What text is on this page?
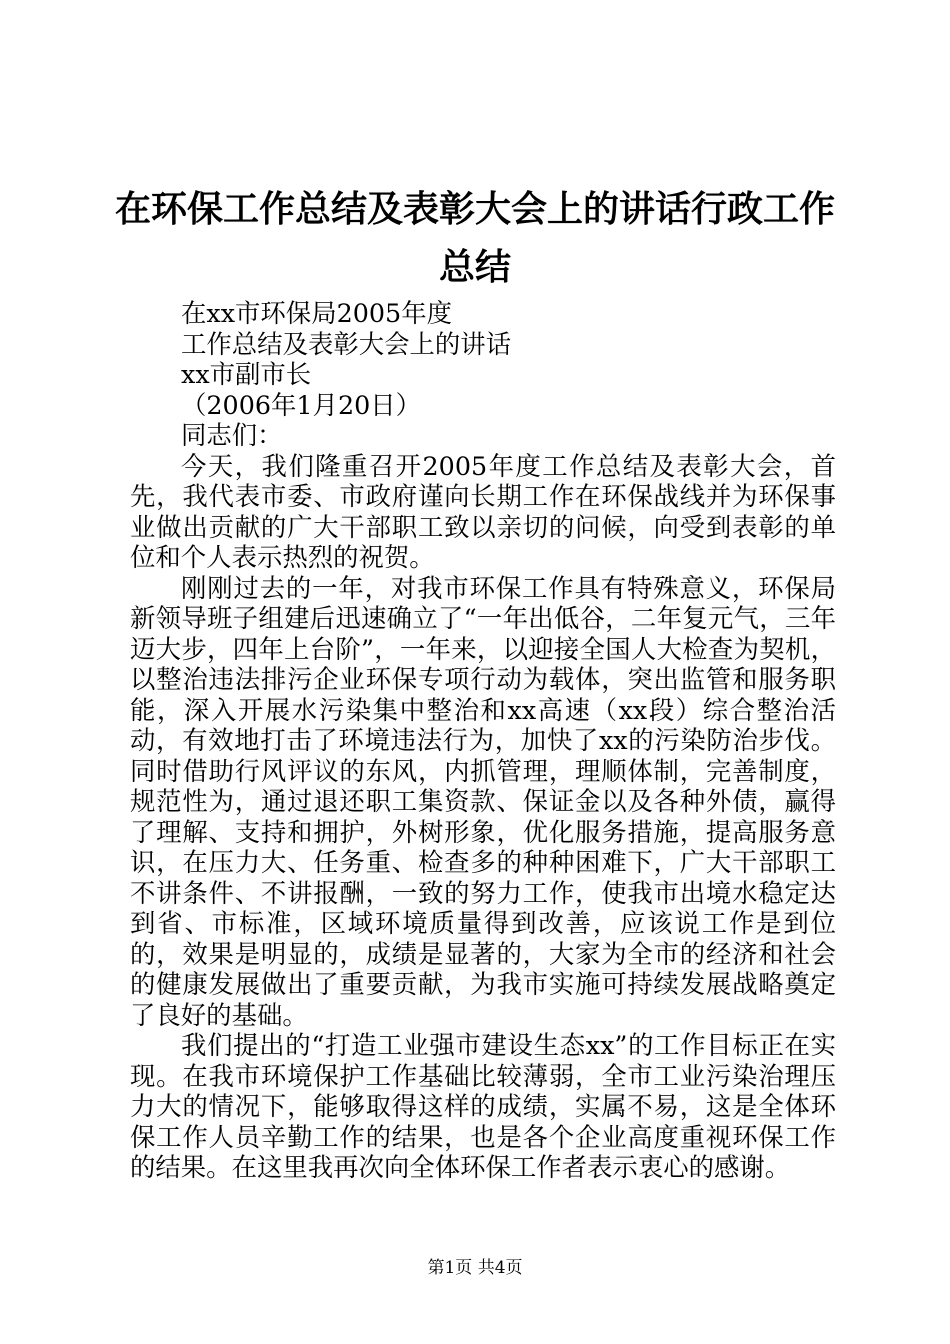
在环保工作总结及表彰大会上的讲话行政工作
总结

在xx市环保局2005年度

工作总结及表彰大会上的讲话

xx市副市长

（2006年1月20日）

同志们：

今天，我们隆重召开2005年度工作总结及表彰大会，首先，我代表市委、市政府谨向长期工作在环保战线并为环保事业做出贡献的广大干部职工致以亲切的问候，向受到表彰的单位和个人表示热烈的祝贺。

刚刚过去的一年，对我市环保工作具有特殊意义，环保局新领导班子组建后迅速确立了“一年出低谷，二年复元气，三年迈大步，四年上台阶”，一年来，以迎接全国人大检查为契机，以整治违法排污企业环保专项行动为载体，突出监管和服务职能，深入开展水污染集中整治和xx高速（xx段）综合整治活动，有效地打击了环境违法行为，加快了xx的污染防治步伐。同时借助行风评议的东风，内抓管理，理顺体制，完善制度，规范性为，通过退还职工集资款、保证金以及各种外债，赢得了理解、支持和拥护，外树形象，优化服务措施，提高服务意识，在压力大、任务重、检查多的种种困难下，广大干部职工不讲条件、不讲报酬，一致的努力工作，使我市出境水稳定达到省、市标准，区域环境质量得到改善，应该说工作是到位的，效果是明显的，成绩是显著的，大家为全市的经济和社会的健康发展做出了重要贡献，为我市实施可持续发展战略奠定了良好的基础。

我们提出的“打造工业强市建设生态xx”的工作目标正在实现。在我市环境保护工作基础比较薄弱，全市工业污染治理压力大的情况下，能够取得这样的成绩，实属不易，这是全体环保工作人员辛勤工作的结果，也是各个企业高度重视环保工作的结果。在这里我再次向全体环保工作者表示衷心的感谢。

第1页 共4页
